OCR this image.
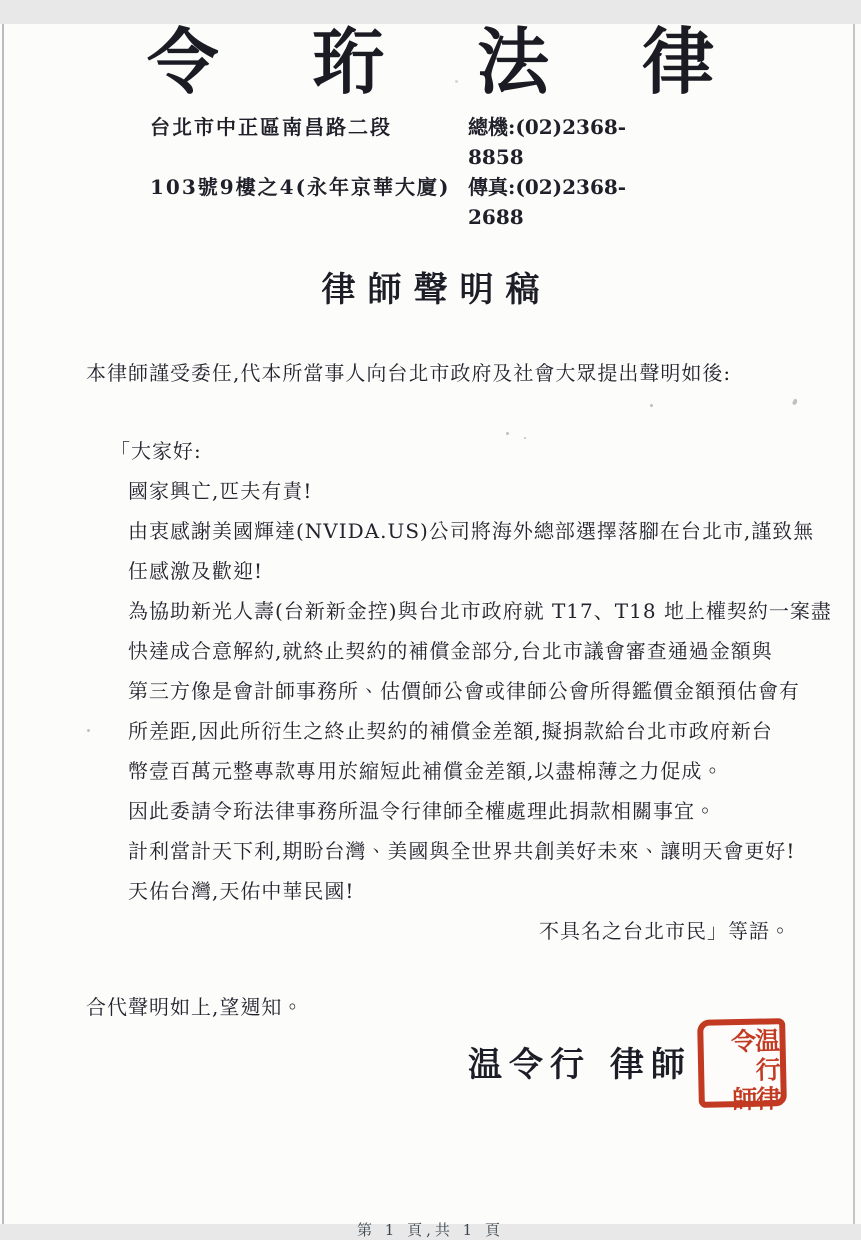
令 珩 法 律
台北市中正區南昌路二段	總機:(02)2368-8858
103號9樓之4(永年京華大廈) 傳真:(02)2368-2688
律師聲明稿

本律師謹受委任,代本所當事人向台北市政府及社會大眾提出聲明如後:

「大家好:
國家興亡,匹夫有責!
由衷感謝美國輝達(NVIDA.US)公司將海外總部選擇落腳在台北市,謹致無
任感激及歡迎!
為協助新光人壽(台新新金控)與台北市政府就 T17、T18 地上權契約一案盡
快達成合意解約,就終止契約的補償金部分,台北市議會審查通過金額與
第三方像是會計師事務所、估價師公會或律師公會所得鑑價金額預估會有
所差距,因此所衍生之終止契約的補償金差額,擬捐款給台北市政府新台
幣壹百萬元整專款專用於縮短此補償金差額,以盡棉薄之力促成。
因此委請令珩法律事務所温令行律師全權處理此捐款相關事宜。
計利當計天下利,期盼台灣、美國與全世界共創美好未來、讓明天會更好!
天佑台灣,天佑中華民國!
不具名之台北市民」等語。

合代聲明如上,望週知。

温令行 律師
温令
行
律師
第 1 頁,共 1 頁
